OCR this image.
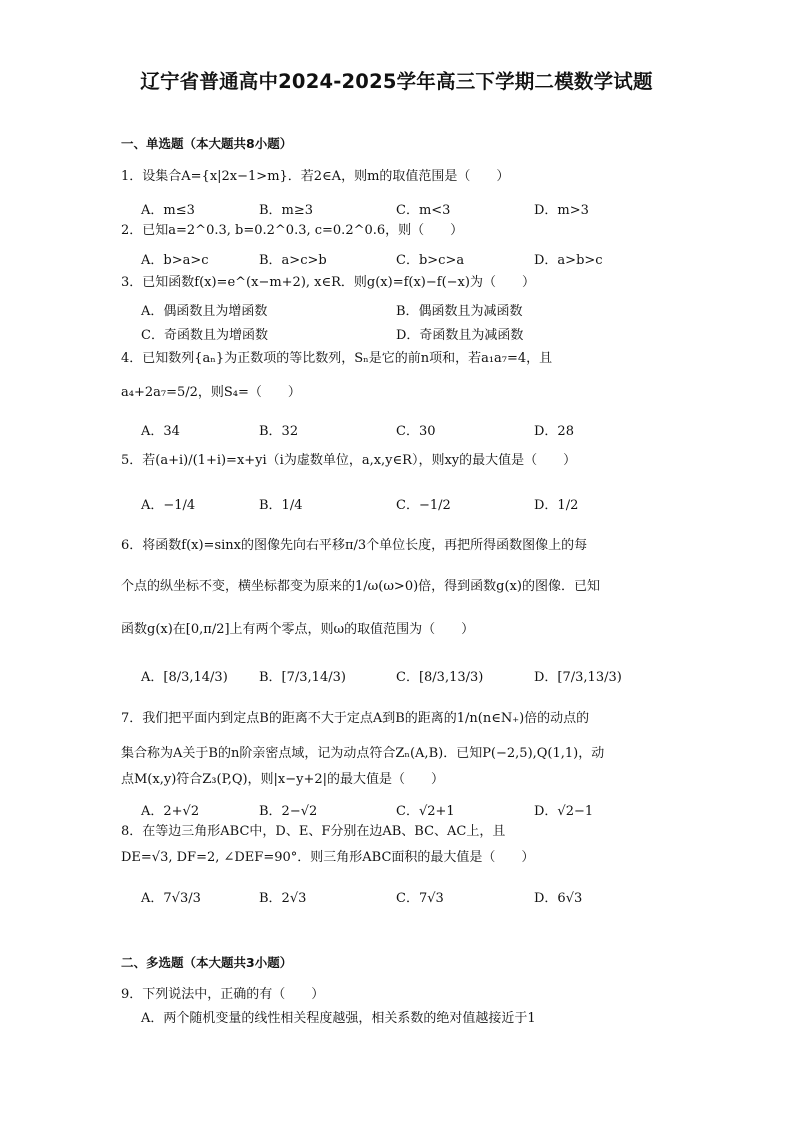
辽宁省普通高中2024-2025学年高三下学期二模数学试题
一、单选题（本大题共8小题）
1．设集合A={x|2x−1>m}．若2∈A，则m的取值范围是（　　）
A．m≤3	B．m≥3	C．m<3	D．m>3
2．已知a=2^0.3, b=0.2^0.3, c=0.2^0.6，则（　　）
A．b>a>c	B．a>c>b	C．b>c>a	D．a>b>c
3．已知函数f(x)=e^(x−m+2), x∈R．则g(x)=f(x)−f(−x)为（　　）
A．偶函数且为增函数	B．偶函数且为减函数
C．奇函数且为增函数	D．奇函数且为减函数
4．已知数列{aₙ}为正数项的等比数列，Sₙ是它的前n项和，若a₁a₇=4，且
a₄+2a₇=5/2，则S₄=（　　）
A．34	B．32	C．30	D．28
5．若(a+i)/(1+i)=x+yi（i为虚数单位，a,x,y∈R），则xy的最大值是（　　）
A．−1/4	B．1/4	C．−1/2	D．1/2
6．将函数f(x)=sinx的图像先向右平移π/3个单位长度，再把所得函数图像上的每
个点的纵坐标不变，横坐标都变为原来的1/ω(ω>0)倍，得到函数g(x)的图像．已知
函数g(x)在[0,π/2]上有两个零点，则ω的取值范围为（　　）
A．[8/3,14/3) B．[7/3,14/3)	C．[8/3,13/3)	D．[7/3,13/3)
7．我们把平面内到定点B的距离不大于定点A到B的距离的1/n(n∈N₊)倍的动点的
集合称为A关于B的n阶亲密点域，记为动点符合Zₙ(A,B)．已知P(−2,5),Q(1,1)，动
点M(x,y)符合Z₃(P,Q)，则|x−y+2|的最大值是（　　）
A．2+√2	B．2−√2	C．√2+1	D．√2−1
8．在等边三角形ABC中，D、E、F分别在边AB、BC、AC上，且
DE=√3, DF=2, ∠DEF=90°．则三角形ABC面积的最大值是（　　）
A．7√3/3	B．2√3	C．7√3	D．6√3
二、多选题（本大题共3小题）
9．下列说法中，正确的有（　　）
A．两个随机变量的线性相关程度越强，相关系数的绝对值越接近于1
